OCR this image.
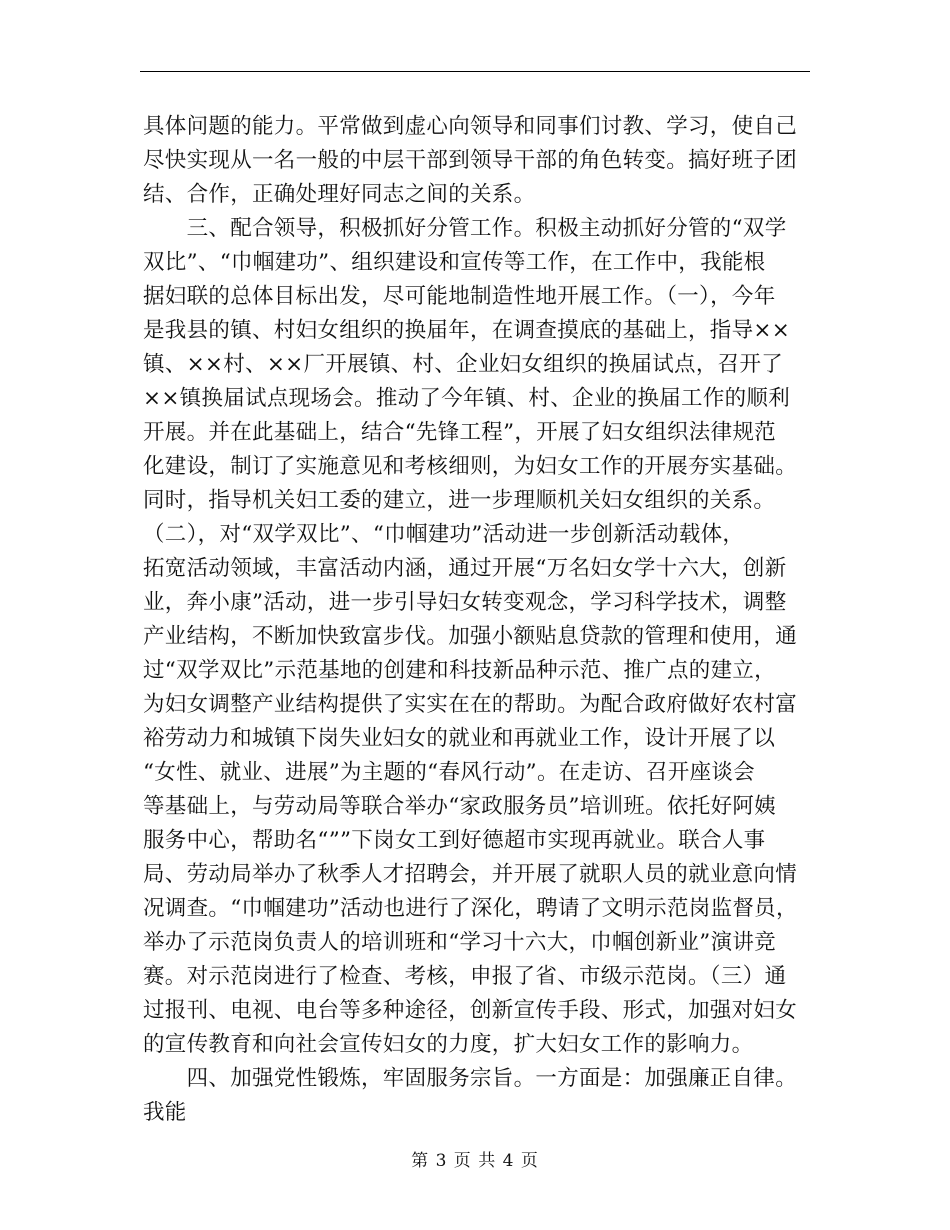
具体问题的能力。平常做到虚心向领导和同事们讨教、学习，使自己
尽快实现从一名一般的中层干部到领导干部的角色转变。搞好班子团
结、合作，正确处理好同志之间的关系。
　　三、配合领导，积极抓好分管工作。积极主动抓好分管的“双学
双比”、“巾帼建功”、组织建设和宣传等工作，在工作中，我能根
据妇联的总体目标出发，尽可能地制造性地开展工作。（一），今年
是我县的镇、村妇女组织的换届年，在调查摸底的基础上，指导××
镇、××村、××厂开展镇、村、企业妇女组织的换届试点，召开了
××镇换届试点现场会。推动了今年镇、村、企业的换届工作的顺利
开展。并在此基础上，结合“先锋工程”，开展了妇女组织法律规范
化建设，制订了实施意见和考核细则，为妇女工作的开展夯实基础。
同时，指导机关妇工委的建立，进一步理顺机关妇女组织的关系。
（二），对“双学双比”、“巾帼建功”活动进一步创新活动载体，
拓宽活动领域，丰富活动内涵，通过开展“万名妇女学十六大，创新
业，奔小康”活动，进一步引导妇女转变观念，学习科学技术，调整
产业结构，不断加快致富步伐。加强小额贴息贷款的管理和使用，通
过“双学双比”示范基地的创建和科技新品种示范、推广点的建立，
为妇女调整产业结构提供了实实在在的帮助。为配合政府做好农村富
裕劳动力和城镇下岗失业妇女的就业和再就业工作，设计开展了以
“女性、就业、进展”为主题的“春风行动”。在走访、召开座谈会
等基础上，与劳动局等联合举办“家政服务员”培训班。依托好阿姨
服务中心，帮助名“””下岗女工到好德超市实现再就业。联合人事
局、劳动局举办了秋季人才招聘会，并开展了就职人员的就业意向情
况调查。“巾帼建功”活动也进行了深化，聘请了文明示范岗监督员，
举办了示范岗负责人的培训班和“学习十六大，巾帼创新业”演讲竞
赛。对示范岗进行了检查、考核，申报了省、市级示范岗。（三）通
过报刊、电视、电台等多种途径，创新宣传手段、形式，加强对妇女
的宣传教育和向社会宣传妇女的力度，扩大妇女工作的影响力。
　　四、加强党性锻炼，牢固服务宗旨。一方面是：加强廉正自律。
我能
第 3 页 共 4 页
